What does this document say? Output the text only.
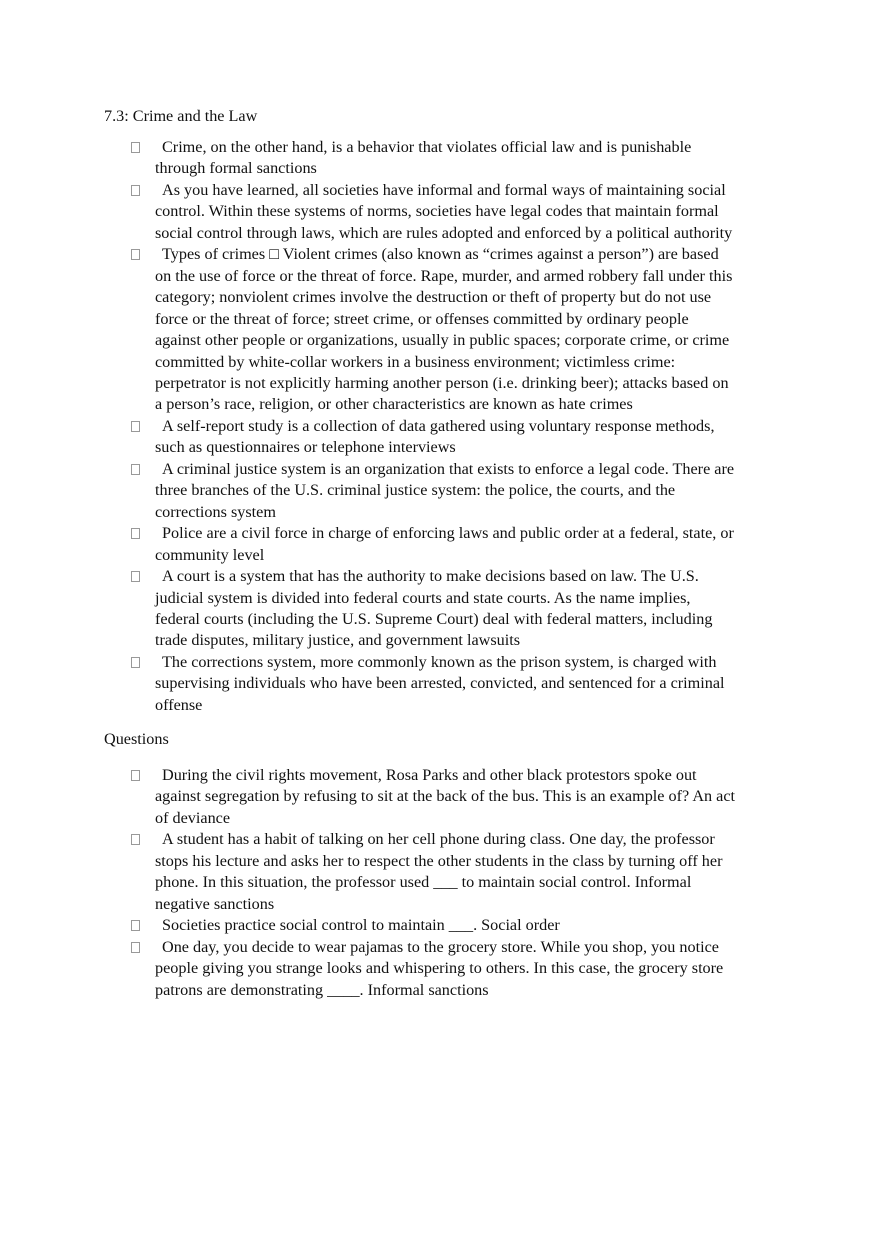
7.3: Crime and the Law
Crime, on the other hand, is a behavior that violates official law and is punishable
through formal sanctions
As you have learned, all societies have informal and formal ways of maintaining social
control. Within these systems of norms, societies have legal codes that maintain formal
social control through laws, which are rules adopted and enforced by a political authority
Types of crimes □ Violent crimes (also known as “crimes against a person”) are based
on the use of force or the threat of force. Rape, murder, and armed robbery fall under this
category; nonviolent crimes involve the destruction or theft of property but do not use
force or the threat of force; street crime, or offenses committed by ordinary people
against other people or organizations, usually in public spaces; corporate crime, or crime
committed by white-collar workers in a business environment; victimless crime:
perpetrator is not explicitly harming another person (i.e. drinking beer); attacks based on
a person’s race, religion, or other characteristics are known as hate crimes
A self-report study is a collection of data gathered using voluntary response methods,
such as questionnaires or telephone interviews
A criminal justice system is an organization that exists to enforce a legal code. There are
three branches of the U.S. criminal justice system: the police, the courts, and the
corrections system
Police are a civil force in charge of enforcing laws and public order at a federal, state, or
community level
A court is a system that has the authority to make decisions based on law. The U.S.
judicial system is divided into federal courts and state courts. As the name implies,
federal courts (including the U.S. Supreme Court) deal with federal matters, including
trade disputes, military justice, and government lawsuits
The corrections system, more commonly known as the prison system, is charged with
supervising individuals who have been arrested, convicted, and sentenced for a criminal
offense
Questions
During the civil rights movement, Rosa Parks and other black protestors spoke out
against segregation by refusing to sit at the back of the bus. This is an example of? An act
of deviance
A student has a habit of talking on her cell phone during class. One day, the professor
stops his lecture and asks her to respect the other students in the class by turning off her
phone. In this situation, the professor used ___ to maintain social control. Informal
negative sanctions
Societies practice social control to maintain ___. Social order
One day, you decide to wear pajamas to the grocery store. While you shop, you notice
people giving you strange looks and whispering to others. In this case, the grocery store
patrons are demonstrating ____. Informal sanctions
